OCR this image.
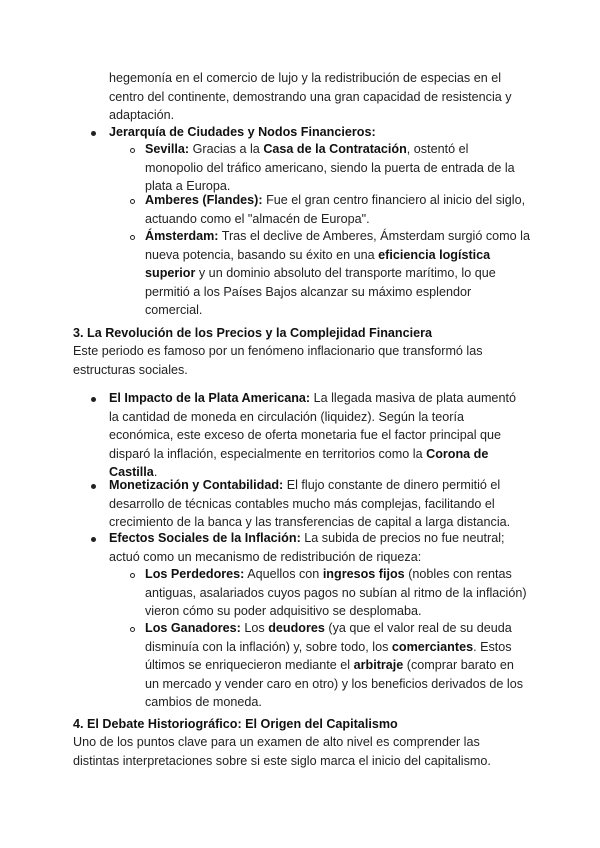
hegemonía en el comercio de lujo y la redistribución de especias en el centro del continente, demostrando una gran capacidad de resistencia y adaptación.

Jerarquía de Ciudades y Nodos Financieros:

Sevilla: Gracias a la Casa de la Contratación, ostentó el monopolio del tráfico americano, siendo la puerta de entrada de la plata a Europa.

Amberes (Flandes): Fue el gran centro financiero al inicio del siglo, actuando como el "almacén de Europa".

Ámsterdam: Tras el declive de Amberes, Ámsterdam surgió como la nueva potencia, basando su éxito en una eficiencia logística superior y un dominio absoluto del transporte marítimo, lo que permitió a los Países Bajos alcanzar su máximo esplendor comercial.

3. La Revolución de los Precios y la Complejidad Financiera

Este periodo es famoso por un fenómeno inflacionario que transformó las estructuras sociales.

El Impacto de la Plata Americana: La llegada masiva de plata aumentó la cantidad de moneda en circulación (liquidez). Según la teoría económica, este exceso de oferta monetaria fue el factor principal que disparó la inflación, especialmente en territorios como la Corona de Castilla.

Monetización y Contabilidad: El flujo constante de dinero permitió el desarrollo de técnicas contables mucho más complejas, facilitando el crecimiento de la banca y las transferencias de capital a larga distancia.

Efectos Sociales de la Inflación: La subida de precios no fue neutral; actuó como un mecanismo de redistribución de riqueza:

Los Perdedores: Aquellos con ingresos fijos (nobles con rentas antiguas, asalariados cuyos pagos no subían al ritmo de la inflación) vieron cómo su poder adquisitivo se desplomaba.

Los Ganadores: Los deudores (ya que el valor real de su deuda disminuía con la inflación) y, sobre todo, los comerciantes. Estos últimos se enriquecieron mediante el arbitraje (comprar barato en un mercado y vender caro en otro) y los beneficios derivados de los cambios de moneda.

4. El Debate Historiográfico: El Origen del Capitalismo

Uno de los puntos clave para un examen de alto nivel es comprender las distintas interpretaciones sobre si este siglo marca el inicio del capitalismo.
